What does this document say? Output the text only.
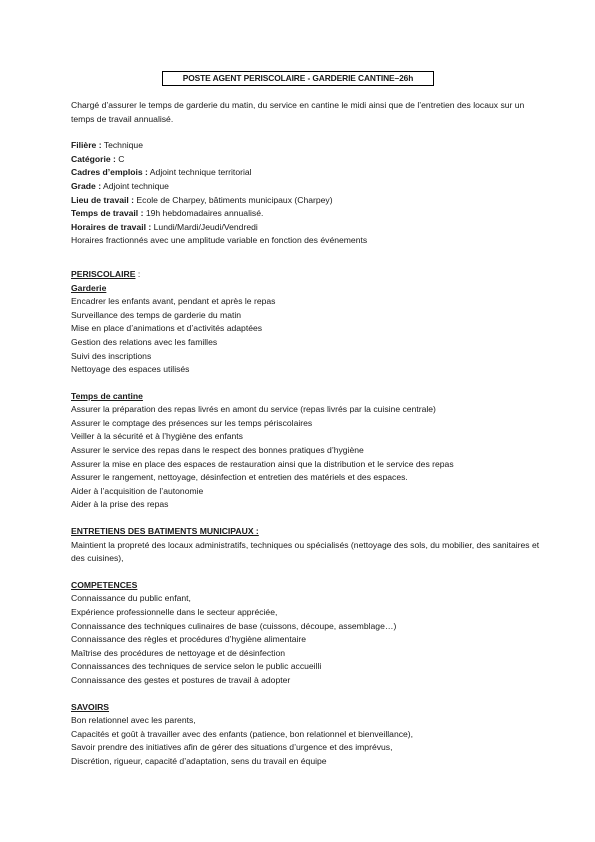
POSTE AGENT PERISCOLAIRE - GARDERIE CANTINE–26h

Chargé d’assurer le temps de garderie du matin, du service en cantine le midi ainsi que de l’entretien des locaux sur un temps de travail annualisé.

Filière : Technique

Catégorie : C

Cadres d’emplois : Adjoint technique territorial

Grade : Adjoint technique

Lieu de travail : Ecole de Charpey, bâtiments municipaux (Charpey)

Temps de travail : 19h hebdomadaires annualisé.

Horaires de travail : Lundi/Mardi/Jeudi/Vendredi

Horaires fractionnés avec une amplitude variable en fonction des événements

PERISCOLAIRE :

Garderie

Encadrer les enfants avant, pendant et après le repas

Surveillance des temps de garderie du matin

Mise en place d’animations et d’activités adaptées

Gestion des relations avec les familles

Suivi des inscriptions

Nettoyage des espaces utilisés

Temps de cantine

Assurer la préparation des repas livrés en amont du service (repas livrés par la cuisine centrale)

Assurer le comptage des présences sur les temps périscolaires

Veiller à la sécurité et à l’hygiène des enfants

Assurer le service des repas dans le respect des bonnes pratiques d’hygiène

Assurer la mise en place des espaces de restauration ainsi que la distribution et le service des repas

Assurer le rangement, nettoyage, désinfection et entretien des matériels et des espaces.

Aider à l’acquisition de l’autonomie

Aider à la prise des repas

ENTRETIENS DES BATIMENTS MUNICIPAUX :

Maintient la propreté des locaux administratifs, techniques ou spécialisés (nettoyage des sols, du mobilier, des sanitaires et des cuisines),

COMPETENCES

Connaissance du public enfant,

Expérience professionnelle dans le secteur appréciée,

Connaissance des techniques culinaires de base (cuissons, découpe, assemblage…)

Connaissance des règles et procédures d’hygiène alimentaire

Maîtrise des procédures de nettoyage et de désinfection

Connaissances des techniques de service selon le public accueilli

Connaissance des gestes et postures de travail à adopter

SAVOIRS

Bon relationnel avec les parents,

Capacités et goût à travailler avec des enfants (patience, bon relationnel et bienveillance),

Savoir prendre des initiatives afin de gérer des situations d’urgence et des imprévus,

Discrétion, rigueur, capacité d’adaptation, sens du travail en équipe
